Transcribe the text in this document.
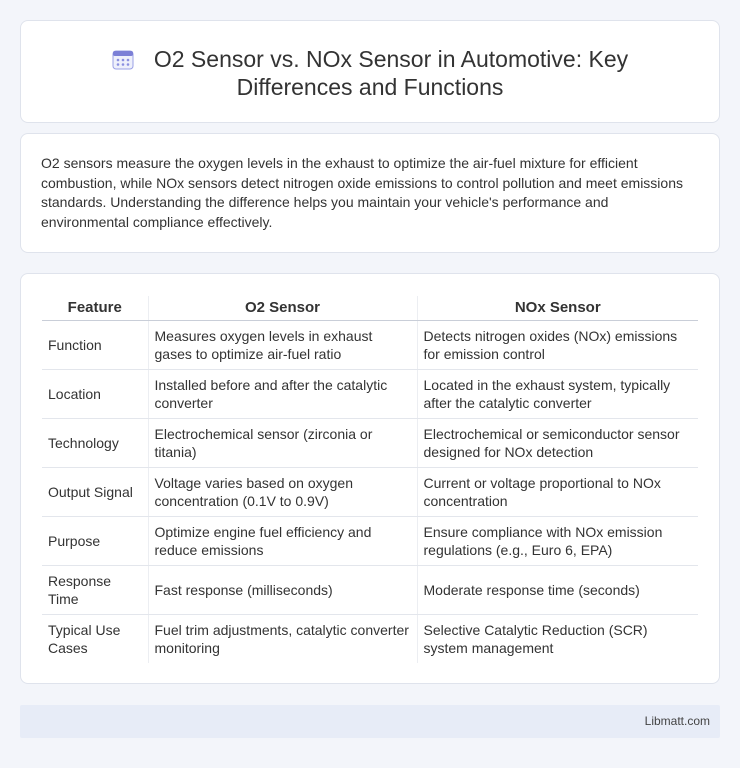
O2 Sensor vs. NOx Sensor in Automotive: Key
Differences and Functions

O2 sensors measure the oxygen levels in the exhaust to optimize the air-fuel mixture for efficient combustion, while NOx sensors detect nitrogen oxide emissions to control pollution and meet emissions standards. Understanding the difference helps you maintain your vehicle's performance and environmental compliance effectively.

Feature	O2 Sensor	NOx Sensor
Function	Measures oxygen levels in exhaust gases to optimize air-fuel ratio	Detects nitrogen oxides (NOx) emissions for emission control
Location	Installed before and after the catalytic converter	Located in the exhaust system, typically after the catalytic converter
Technology	Electrochemical sensor (zirconia or titania)	Electrochemical or semiconductor sensor designed for NOx detection
Output Signal	Voltage varies based on oxygen concentration (0.1V to 0.9V)	Current or voltage proportional to NOx concentration
Purpose	Optimize engine fuel efficiency and reduce emissions	Ensure compliance with NOx emission regulations (e.g., Euro 6, EPA)
Response Time	Fast response (milliseconds)	Moderate response time (seconds)
Typical Use Cases	Fuel trim adjustments, catalytic converter monitoring	Selective Catalytic Reduction (SCR) system management
Libmatt.com
